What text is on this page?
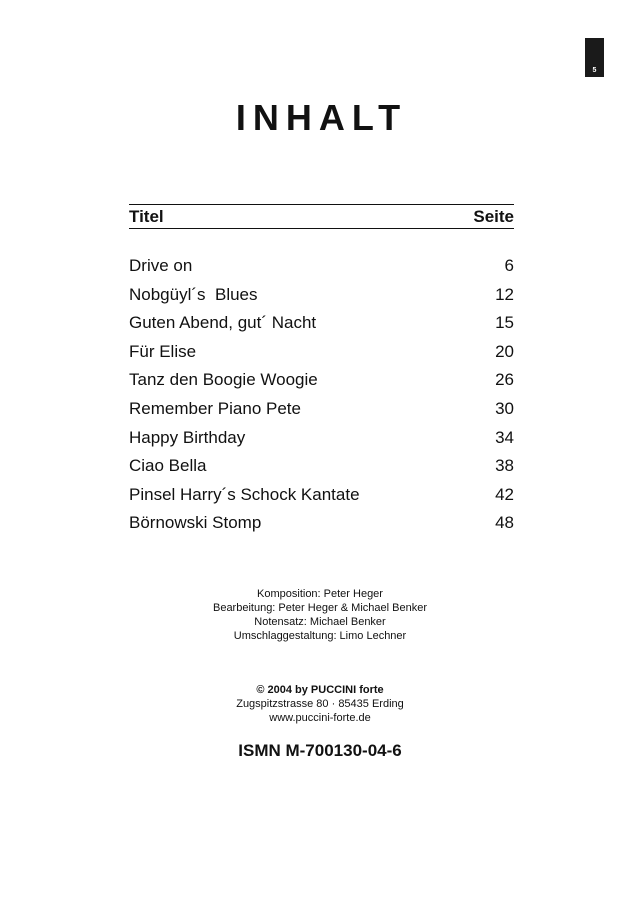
5
INHALT
Titel	Seite
Drive on	6
Nobgüyl´s  Blues	12
Guten Abend, gut´ Nacht	15
Für Elise	20
Tanz den Boogie Woogie	26
Remember Piano Pete	30
Happy Birthday	34
Ciao Bella	38
Pinsel Harry´s Schock Kantate	42
Börnowski Stomp	48
Komposition: Peter Heger
Bearbeitung: Peter Heger & Michael Benker
Notensatz: Michael Benker
Umschlaggestaltung: Limo Lechner
© 2004 by PUCCINI forte
Zugspitzstrasse 80 · 85435 Erding
www.puccini-forte.de
ISMN M-700130-04-6
